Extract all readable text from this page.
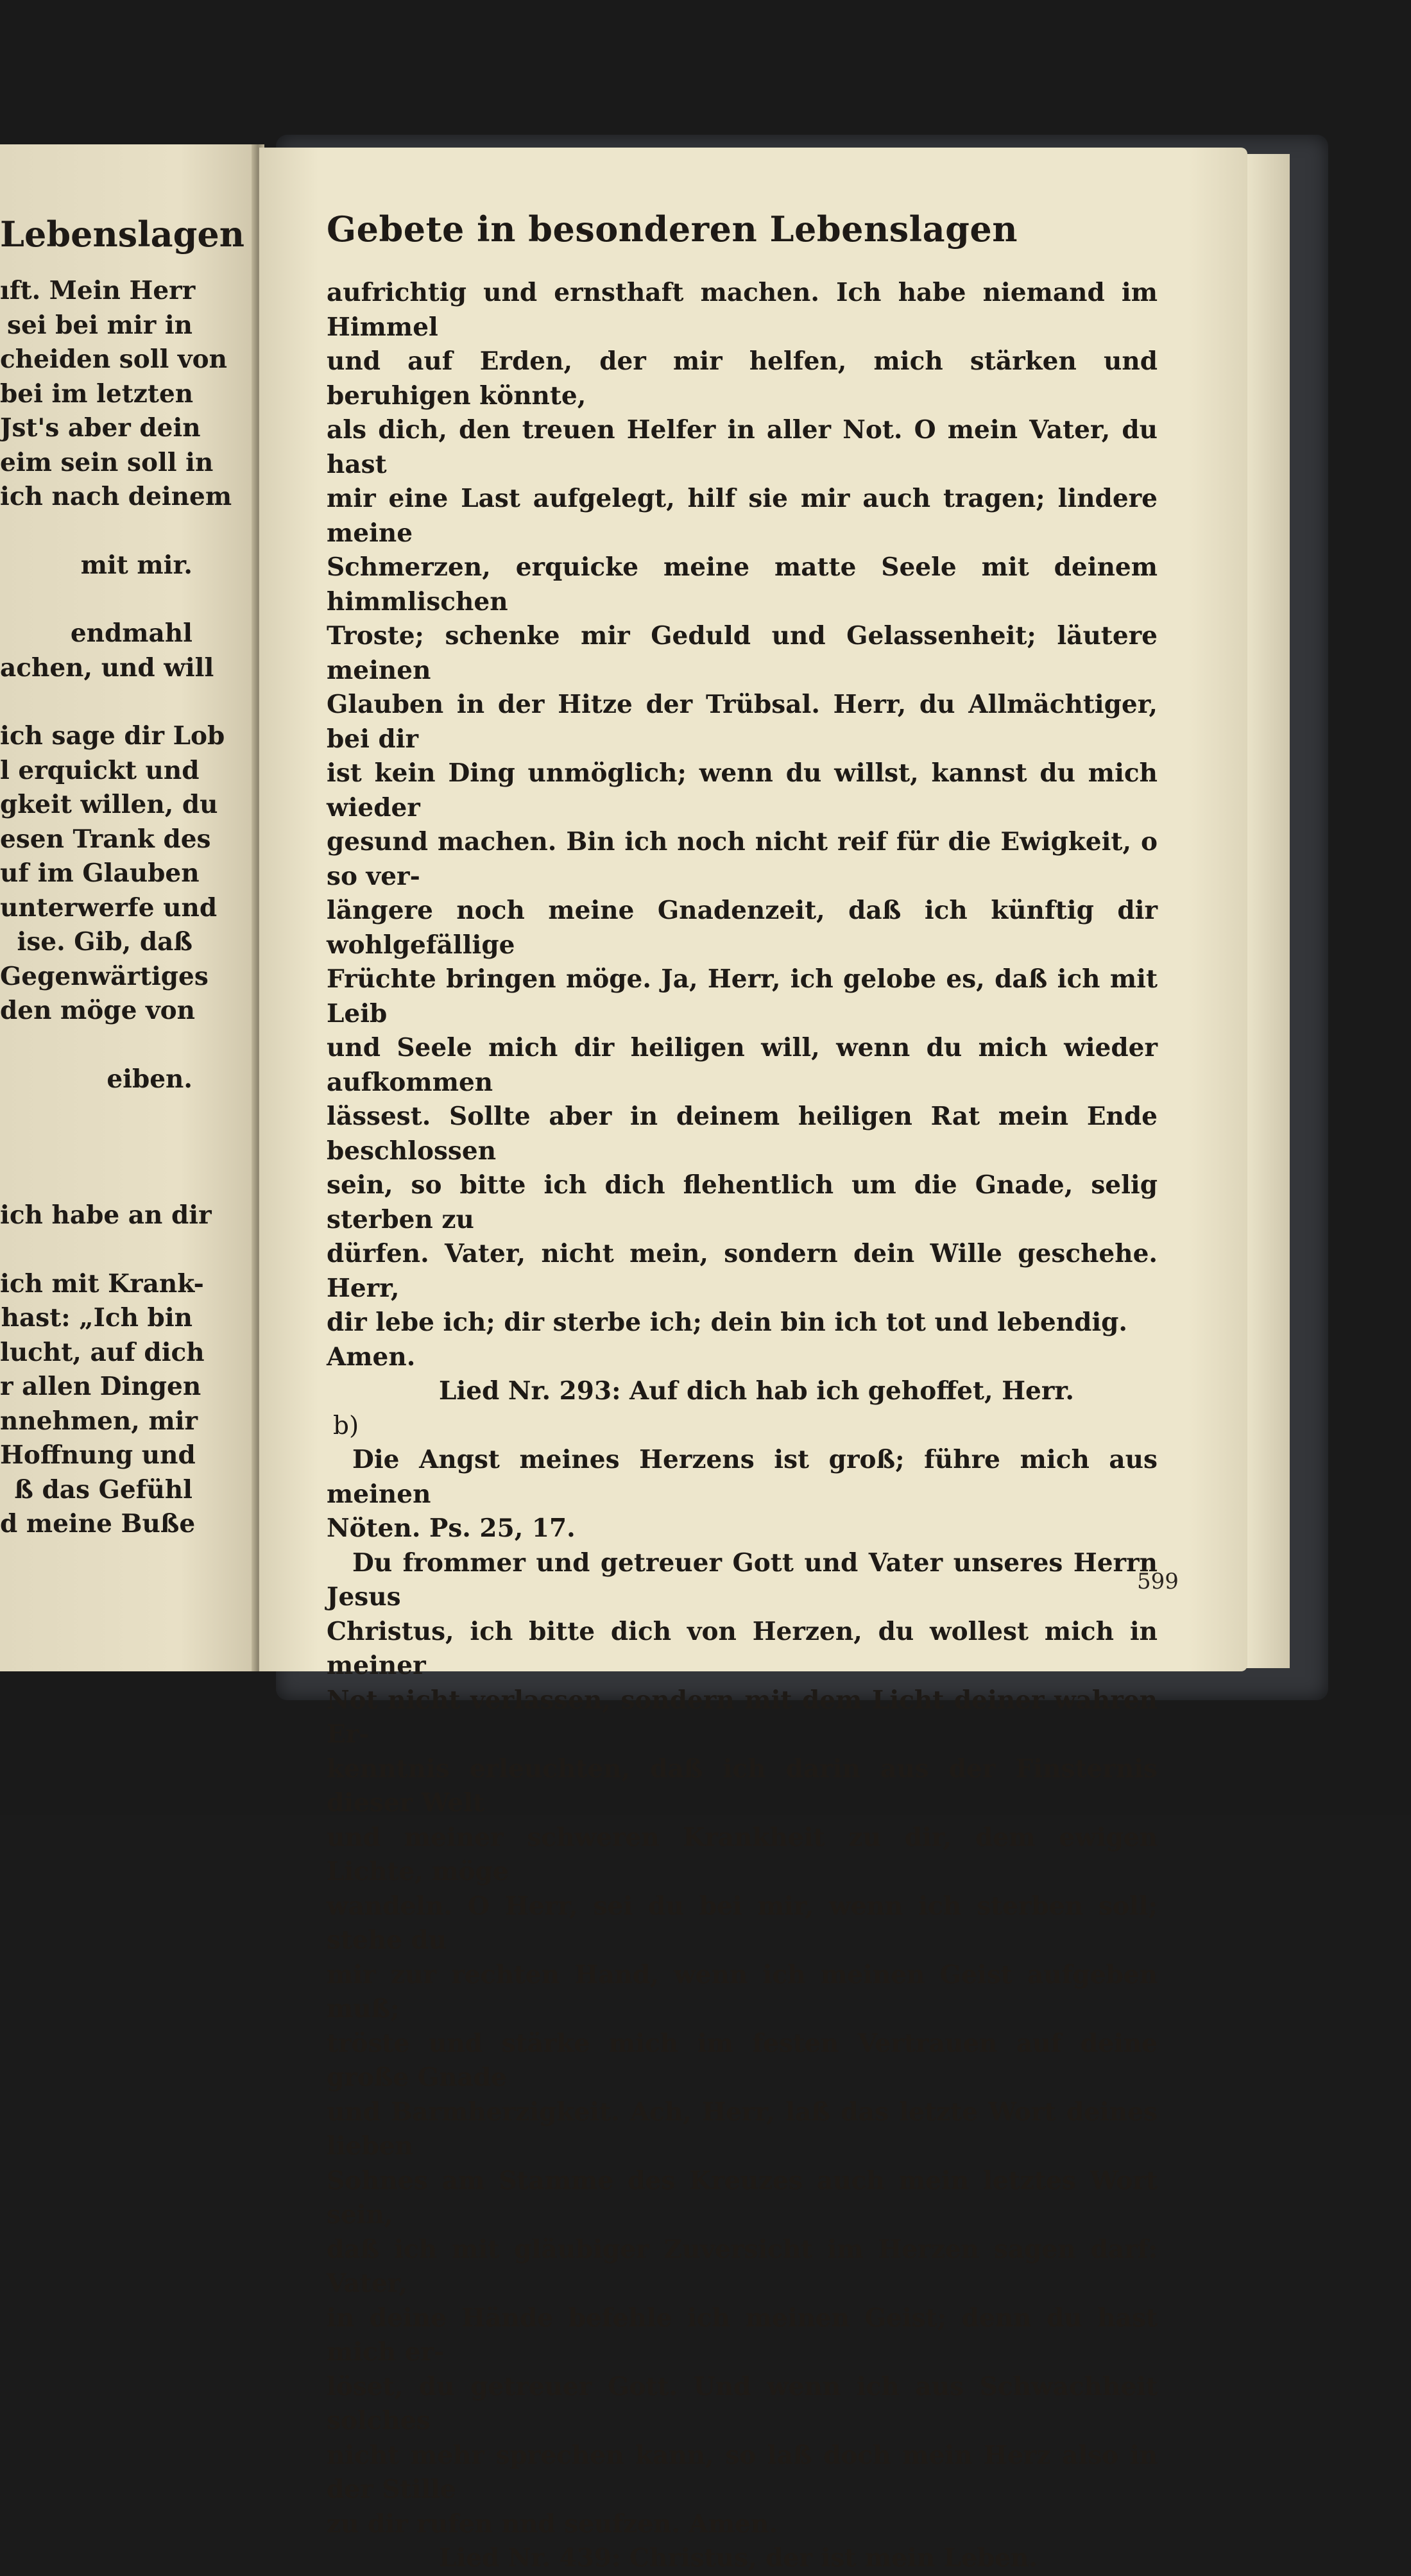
Lebenslagen
ıft. Mein Herr
sei bei mir in
cheiden soll von
bei im letzten
Jst's aber dein
eim sein soll in
ich nach deinem
mit mir.
endmahl
achen, und will
ich sage dir Lob
l erquickt und
gkeit willen, du
esen Trank des
uf im Glauben
unterwerfe und
ise. Gib, daß
Gegenwärtiges
den möge von
eiben.
ich habe an dir
ich mit Krank-
hast: „Ich bin
lucht, auf dich
r allen Dingen
nnehmen, mir
Hoffnung und
ß das Gefühl
d meine Buße
Gebete in besonderen Lebenslagen

aufrichtig und ernsthaft machen. Ich habe niemand im Himmel

und auf Erden, der mir helfen, mich stärken und beruhigen könnte,

als dich, den treuen Helfer in aller Not. O mein Vater, du hast

mir eine Last aufgelegt, hilf sie mir auch tragen; lindere meine

Schmerzen, erquicke meine matte Seele mit deinem himmlischen

Troste; schenke mir Geduld und Gelassenheit; läutere meinen

Glauben in der Hitze der Trübsal. Herr, du Allmächtiger, bei dir

ist kein Ding unmöglich; wenn du willst, kannst du mich wieder

gesund machen. Bin ich noch nicht reif für die Ewigkeit, o so ver-

längere noch meine Gnadenzeit, daß ich künftig dir wohlgefällige

Früchte bringen möge. Ja, Herr, ich gelobe es, daß ich mit Leib

und Seele mich dir heiligen will, wenn du mich wieder aufkommen

lässest. Sollte aber in deinem heiligen Rat mein Ende beschlossen

sein, so bitte ich dich flehentlich um die Gnade, selig sterben zu

dürfen. Vater, nicht mein, sondern dein Wille geschehe. Herr,

dir lebe ich; dir sterbe ich; dein bin ich tot und lebendig. Amen.

Lied Nr. 293: Auf dich hab ich gehoffet, Herr.

b)

Die Angst meines Herzens ist groß; führe mich aus meinen

Nöten. Ps. 25, 17.

Du frommer und getreuer Gott und Vater unseres Herrn Jesus

Christus, ich bitte dich von Herzen, du wollest mich in meiner

Not nicht verlassen, sondern mit dem Licht deiner wahren Er-

kenntnis erleuchten, daß ich darin aus der Finsternis dieser Welt

und meiner schweren Krankheit zu dir, dem ewigen Lichte, möge

wandeln. O Herr, sei du bei mir, wenn ich sterben soll; stehe du

mir zur rechten Hand, wenn ich meinen Geist aufgeben muß;

tröste und stärke mich im festen Vertrauen auf deine große Gnade

und Barmherzigkeit. Ach, Herr, laß das letzte Wort deines lieben

Sohnes am Stamme des Kreuzes auch mein letztes Wort sein,

daß ich mit gläubiger Zuversicht im Herzen sagen darf: Vater,

in deine Hände befehle ich meinen Geist; denn du hast mich er-

löset, du getreuer Gott. Und wenn ich aus Schwachheit solches

nicht mehr sprechen kann, so laß doch mein Herz also in der Stille

zu dir rufen nnd seufzen. Amen.

Lied Nr. 439: Christus, der ist mein Leben.

599
